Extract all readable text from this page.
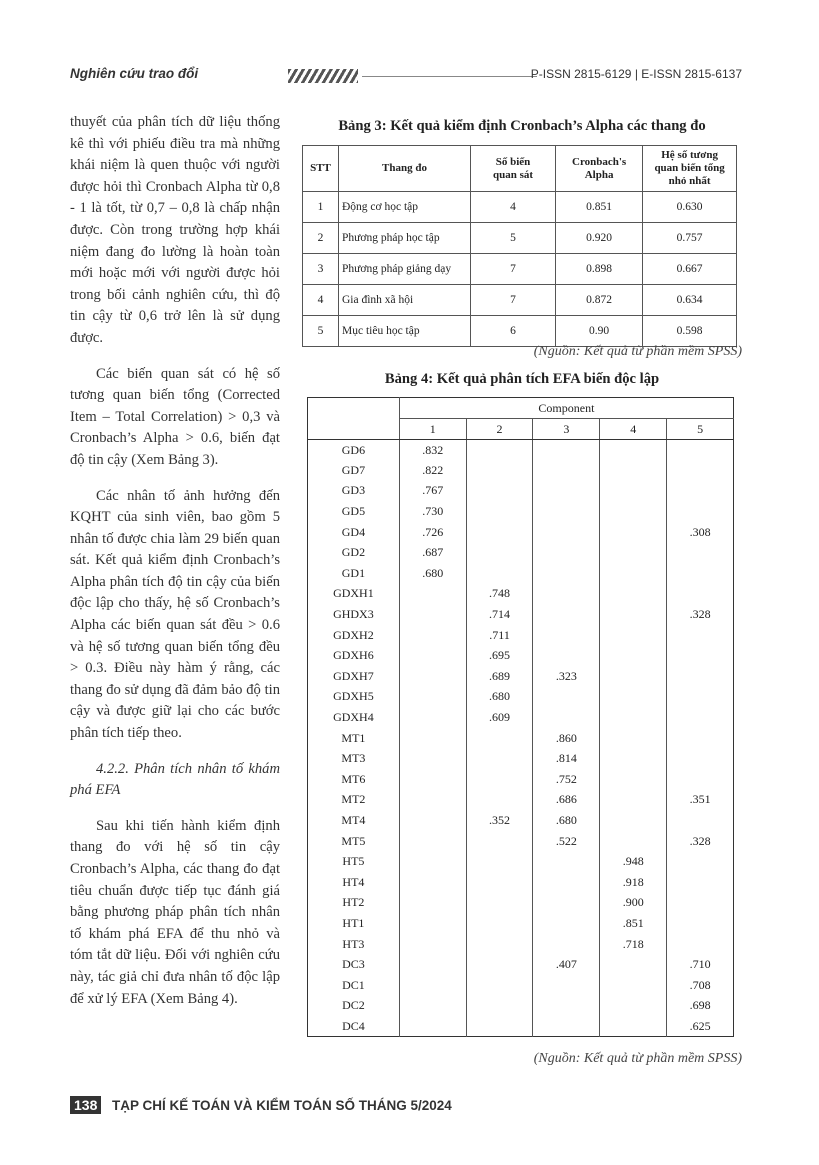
Nghiên cứu trao đổi	P-ISSN 2815-6129 | E-ISSN 2815-6137

thuyết của phân tích dữ liệu thống kê thì với phiếu điều tra mà những khái niệm là quen thuộc với người được hỏi thì Cronbach Alpha từ 0,8 - 1 là tốt, từ 0,7 – 0,8 là chấp nhận được. Còn trong trường hợp khái niệm đang đo lường là hoàn toàn mới hoặc mới với người được hỏi trong bối cảnh nghiên cứu, thì độ tin cậy từ 0,6 trở lên là sử dụng được.

Các biến quan sát có hệ số tương quan biến tổng (Corrected Item – Total Correlation) > 0,3 và Cronbach’s Alpha > 0.6, biến đạt độ tin cậy (Xem Bảng 3).

Các nhân tố ảnh hưởng đến KQHT của sinh viên, bao gồm 5 nhân tố được chia làm 29 biến quan sát. Kết quả kiểm định Cronbach’s Alpha phân tích độ tin cậy của biến độc lập cho thấy, hệ số Cronbach’s Alpha các biến quan sát đều > 0.6 và hệ số tương quan biến tổng đều > 0.3. Điều này hàm ý rằng, các thang đo sử dụng đã đảm bảo độ tin cậy và được giữ lại cho các bước phân tích tiếp theo.

4.2.2. Phân tích nhân tố khám phá EFA

Sau khi tiến hành kiểm định thang đo với hệ số tin cậy Cronbach’s Alpha, các thang đo đạt tiêu chuẩn được tiếp tục đánh giá bằng phương pháp phân tích nhân tố khám phá EFA để thu nhỏ và tóm tắt dữ liệu. Đối với nghiên cứu này, tác giả chỉ đưa nhân tố độc lập để xử lý EFA (Xem Bảng 4).

Bảng 3: Kết quả kiểm định Cronbach’s Alpha các thang đo
STT	Thang đo	Số biến quan sát	Cronbach's Alpha	Hệ số tương quan biến tổng nhỏ nhất
1	Động cơ học tập	4	0.851	0.630
2	Phương pháp học tập	5	0.920	0.757
3	Phương pháp giảng dạy	7	0.898	0.667
4	Gia đình xã hội	7	0.872	0.634
5	Mục tiêu học tập	6	0.90	0.598
(Nguồn: Kết quả từ phần mềm SPSS)
Bảng 4: Kết quả phân tích EFA biến độc lập
	Component				
	1	2	3	4	5
GD6	.832				
GD7	.822				
GD3	.767				
GD5	.730				
GD4	.726				.308
GD2	.687				
GD1	.680				
GDXH1		.748			
GHDX3		.714			.328
GDXH2		.711			
GDXH6		.695			
GDXH7		.689	.323		
GDXH5		.680			
GDXH4		.609			
MT1			.860		
MT3			.814		
MT6			.752		
MT2			.686		.351
MT4		.352	.680		
MT5			.522		.328
HT5				.948	
HT4				.918	
HT2				.900	
HT1				.851	
HT3				.718	
DC3			.407		.710
DC1					.708
DC2					.698
DC4					.625
(Nguồn: Kết quả từ phần mềm SPSS)
138 TẠP CHÍ KẾ TOÁN VÀ KIỂM TOÁN SỐ THÁNG 5/2024
